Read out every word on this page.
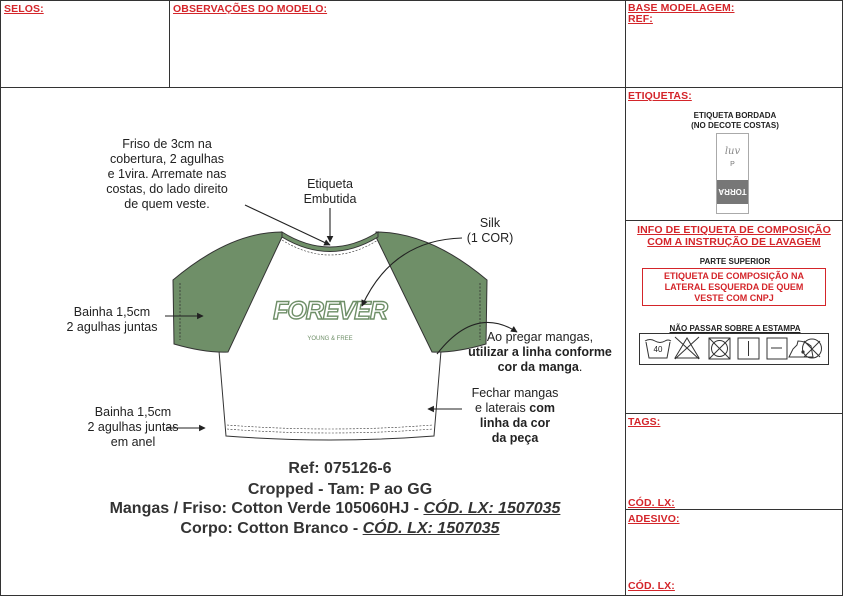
SELOS:	OBSERVAÇÕES DO MODELO:	BASE MODELAGEM:
REF:
ETIQUETAS:
ETIQUETA BORDADA
(NO DECOTE COSTAS)
luv
P
TORRA
INFO DE ETIQUETA DE COMPOSIÇÃO
COM A INSTRUÇÃO DE LAVAGEM
PARTE SUPERIOR
ETIQUETA DE COMPOSIÇÃO NA
LATERAL ESQUERDA DE QUEM
VESTE COM CNPJ
NÃO PASSAR SOBRE A ESTAMPA
40
TAGS:
CÓD. LX:
ADESIVO:
CÓD. LX:
FOREVER
YOUNG & FREE
Friso de 3cm na
cobertura, 2 agulhas
e 1vira. Arremate nas
costas, do lado direito
de quem veste.
Etiqueta
Embutida
Silk
(1 COR)
Bainha 1,5cm
2 agulhas juntas
Ao pregar mangas,
utilizar a linha conforme
cor da manga.
Fechar mangas
e laterais com
linha da cor
da peça
Bainha 1,5cm
2 agulhas juntas
em anel
Ref: 075126-6
Cropped - Tam: P ao GG
Mangas / Friso: Cotton Verde 105060HJ - CÓD. LX: 1507035
Corpo: Cotton Branco - CÓD. LX: 1507035
